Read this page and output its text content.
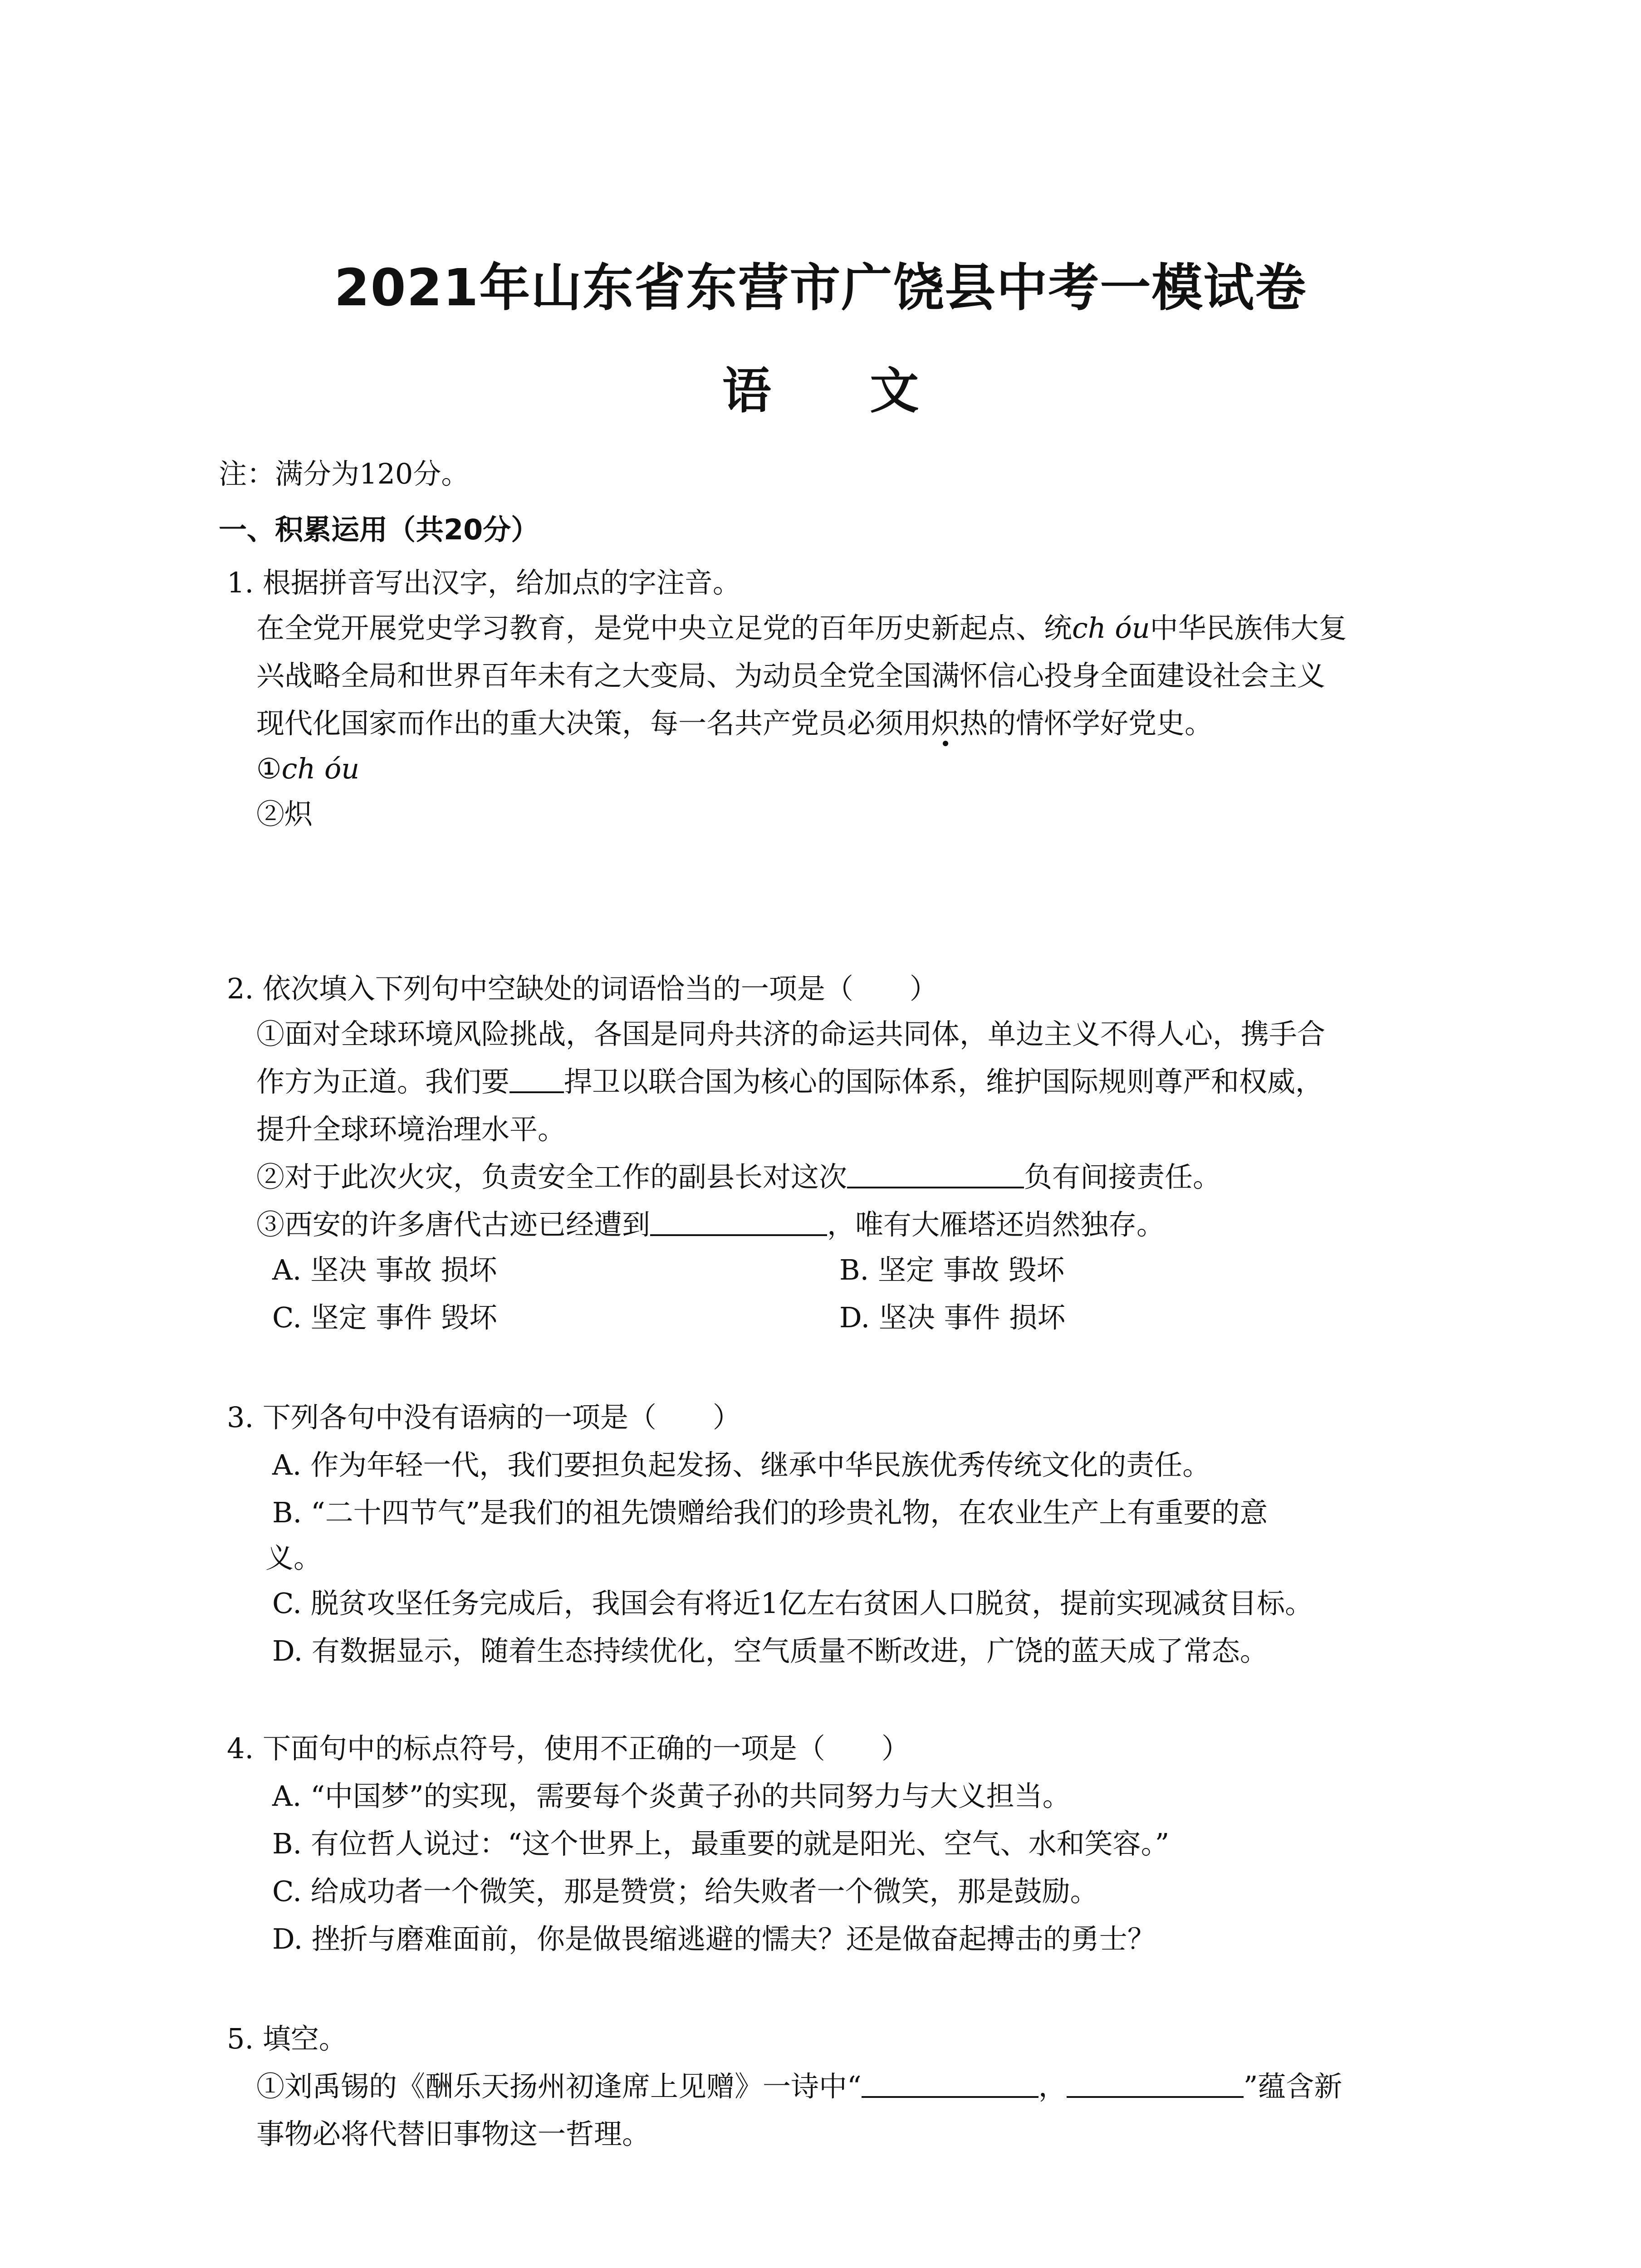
2021年山东省东营市广饶县中考一模试卷
语 文
注：满分为120分。
一、积累运用（共20分）
1. 根据拼音写出汉字，给加点的字注音。
在全党开展党史学习教育，是党中央立足党的百年历史新起点、统ch óu中华民族伟大复
兴战略全局和世界百年未有之大变局、为动员全党全国满怀信心投身全面建设社会主义
现代化国家而作出的重大决策，每一名共产党员必须用炽热的情怀学好党史。
①ch óu
②炽
2. 依次填入下列句中空缺处的词语恰当的一项是（　　）
①面对全球环境风险挑战，各国是同舟共济的命运共同体，单边主义不得人心，携手合
作方为正道。我们要 捍卫以联合国为核心的国际体系，维护国际规则尊严和权威，
提升全球环境治理水平。
②对于此次火灾，负责安全工作的副县长对这次	负有间接责任。
③西安的许多唐代古迹已经遭到	，唯有大雁塔还岿然独存。
A. 坚决 事故 损坏	B. 坚定 事故 毁坏
C. 坚定 事件 毁坏	D. 坚决 事件 损坏
3. 下列各句中没有语病的一项是（　　）
A. 作为年轻一代，我们要担负起发扬、继承中华民族优秀传统文化的责任。
B. “二十四节气”是我们的祖先馈赠给我们的珍贵礼物，在农业生产上有重要的意
义。
C. 脱贫攻坚任务完成后，我国会有将近1亿左右贫困人口脱贫，提前实现减贫目标。
D. 有数据显示，随着生态持续优化，空气质量不断改进，广饶的蓝天成了常态。
4. 下面句中的标点符号，使用不正确的一项是（　　）
A. “中国梦”的实现，需要每个炎黄子孙的共同努力与大义担当。
B. 有位哲人说过：“这个世界上，最重要的就是阳光、空气、水和笑容。”
C. 给成功者一个微笑，那是赞赏；给失败者一个微笑，那是鼓励。
D. 挫折与磨难面前，你是做畏缩逃避的懦夫？还是做奋起搏击的勇士？
5. 填空。
①刘禹锡的《酬乐天扬州初逢席上见赠》一诗中“	，	”蕴含新
事物必将代替旧事物这一哲理。
